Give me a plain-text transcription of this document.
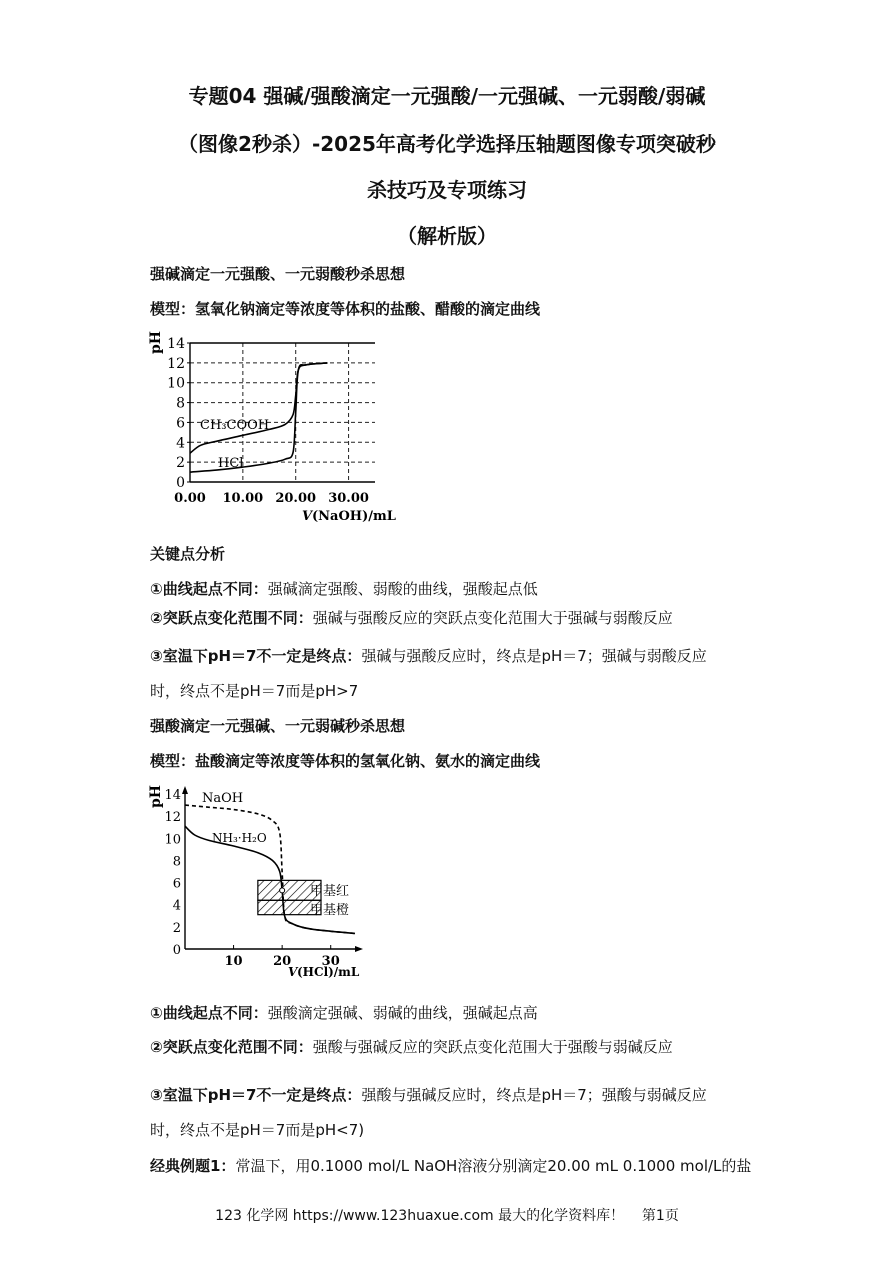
专题04 强碱/强酸滴定一元强酸/一元强碱、一元弱酸/弱碱
（图像2秒杀）-2025年高考化学选择压轴题图像专项突破秒
杀技巧及专项练习
（解析版）
强碱滴定一元强酸、一元弱酸秒杀思想
模型：氢氧化钠滴定等浓度等体积的盐酸、醋酸的滴定曲线
0
2
4
6
8
10
12
14
0.00 10.00 20.00 30.00
pH
V (NaOH)/mL
CH₃COOH
HCl
关键点分析
①曲线起点不同：强碱滴定强酸、弱酸的曲线，强酸起点低
②突跃点变化范围不同：强碱与强酸反应的突跃点变化范围大于强碱与弱酸反应
③室温下pH＝7不一定是终点：强碱与强酸反应时，终点是pH＝7；强碱与弱酸反应
时，终点不是pH＝7而是pH>7
强酸滴定一元强碱、一元弱碱秒杀思想
模型：盐酸滴定等浓度等体积的氢氧化钠、氨水的滴定曲线
0
2
4
6
8
10
12
14
10 20 30
pH
V (HCl)/mL
NaOH
NH₃·H₂O
甲基红
甲基橙
①曲线起点不同：强酸滴定强碱、弱碱的曲线，强碱起点高
②突跃点变化范围不同：强酸与强碱反应的突跃点变化范围大于强酸与弱碱反应
③室温下pH＝7不一定是终点：强酸与强碱反应时，终点是pH＝7；强酸与弱碱反应
时，终点不是pH＝7而是pH<7)
经典例题1：常温下，用0.1000 mol/L NaOH溶液分别滴定20.00 mL 0.1000 mol/L的盐
123 化学网 https://www.123huaxue.com 最大的化学资料库！ 第1页
